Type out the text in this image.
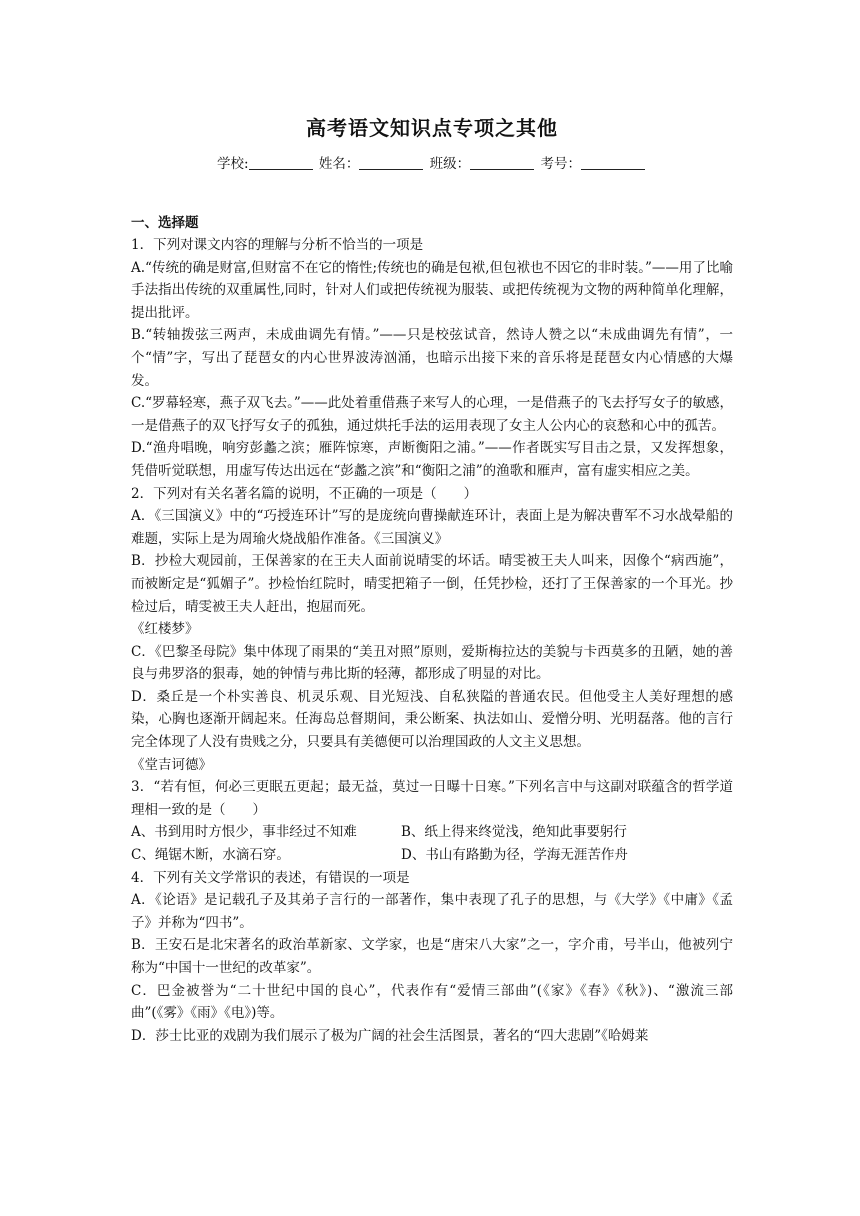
高考语文知识点专项之其他
学校:	姓名：	班级：	考号：
一、选择题

1．下列对课文内容的理解与分析不恰当的一项是

A.“传统的确是财富,但财富不在它的惰性;传统也的确是包袱,但包袱也不因它的非时装。”——用了比喻手法指出传统的双重属性,同时，针对人们或把传统视为服装、或把传统视为文物的两种简单化理解，提出批评。

B.“转轴拨弦三两声，未成曲调先有情。”——只是校弦试音，然诗人赞之以“未成曲调先有情”，一个“情”字，写出了琵琶女的内心世界波涛汹涌，也暗示出接下来的音乐将是琵琶女内心情感的大爆发。

C.“罗幕轻寒，燕子双飞去。”——此处着重借燕子来写人的心理，一是借燕子的飞去抒写女子的敏感，一是借燕子的双飞抒写女子的孤独，通过烘托手法的运用表现了女主人公内心的哀愁和心中的孤苦。

D.“渔舟唱晚，响穷彭蠡之滨；雁阵惊寒，声断衡阳之浦。”——作者既实写目击之景，又发挥想象，凭借听觉联想，用虚写传达出远在“彭蠡之滨”和“衡阳之浦”的渔歌和雁声，富有虚实相应之美。

2．下列对有关名著名篇的说明，不正确的一项是（　　）

A．《三国演义》中的“巧授连环计”写的是庞统向曹操献连环计，表面上是为解决曹军不习水战晕船的难题，实际上是为周瑜火烧战船作准备。《三国演义》

B．抄检大观园前，王保善家的在王夫人面前说晴雯的坏话。晴雯被王夫人叫来，因像个“病西施”，而被断定是“狐媚子”。抄检怡红院时，晴雯把箱子一倒，任凭抄检，还打了王保善家的一个耳光。抄检过后，晴雯被王夫人赶出，抱屈而死。

《红楼梦》

C．《巴黎圣母院》集中体现了雨果的“美丑对照”原则，爱斯梅拉达的美貌与卡西莫多的丑陋，她的善良与弗罗洛的狠毒，她的钟情与弗比斯的轻薄，都形成了明显的对比。

D．桑丘是一个朴实善良、机灵乐观、目光短浅、自私狭隘的普通农民。但他受主人美好理想的感染，心胸也逐渐开阔起来。任海岛总督期间，秉公断案、执法如山、爱憎分明、光明磊落。他的言行完全体现了人没有贵贱之分，只要具有美德便可以治理国政的人文主义思想。

《堂吉诃德》

3．“若有恒，何必三更眠五更起；最无益，莫过一日曝十日寒。”下列名言中与这副对联蕴含的哲学道理相一致的是（　　）

A、书到用时方恨少，事非经过不知难	B、纸上得来终觉浅，绝知此事要躬行
C、绳锯木断，水滴石穿。	D、书山有路勤为径，学海无涯苦作舟

4．下列有关文学常识的表述，有错误的一项是

A．《论语》是记载孔子及其弟子言行的一部著作，集中表现了孔子的思想，与《大学》《中庸》《孟子》并称为“四书”。

B．王安石是北宋著名的政治革新家、文学家，也是“唐宋八大家”之一，字介甫，号半山，他被列宁称为“中国十一世纪的改革家”。

C．巴金被誉为“二十世纪中国的良心”，代表作有“爱情三部曲”(《家》《春》《秋》)、“激流三部曲”(《雾》《雨》《电》)等。

D．莎士比亚的戏剧为我们展示了极为广阔的社会生活图景，著名的“四大悲剧”《哈姆莱
